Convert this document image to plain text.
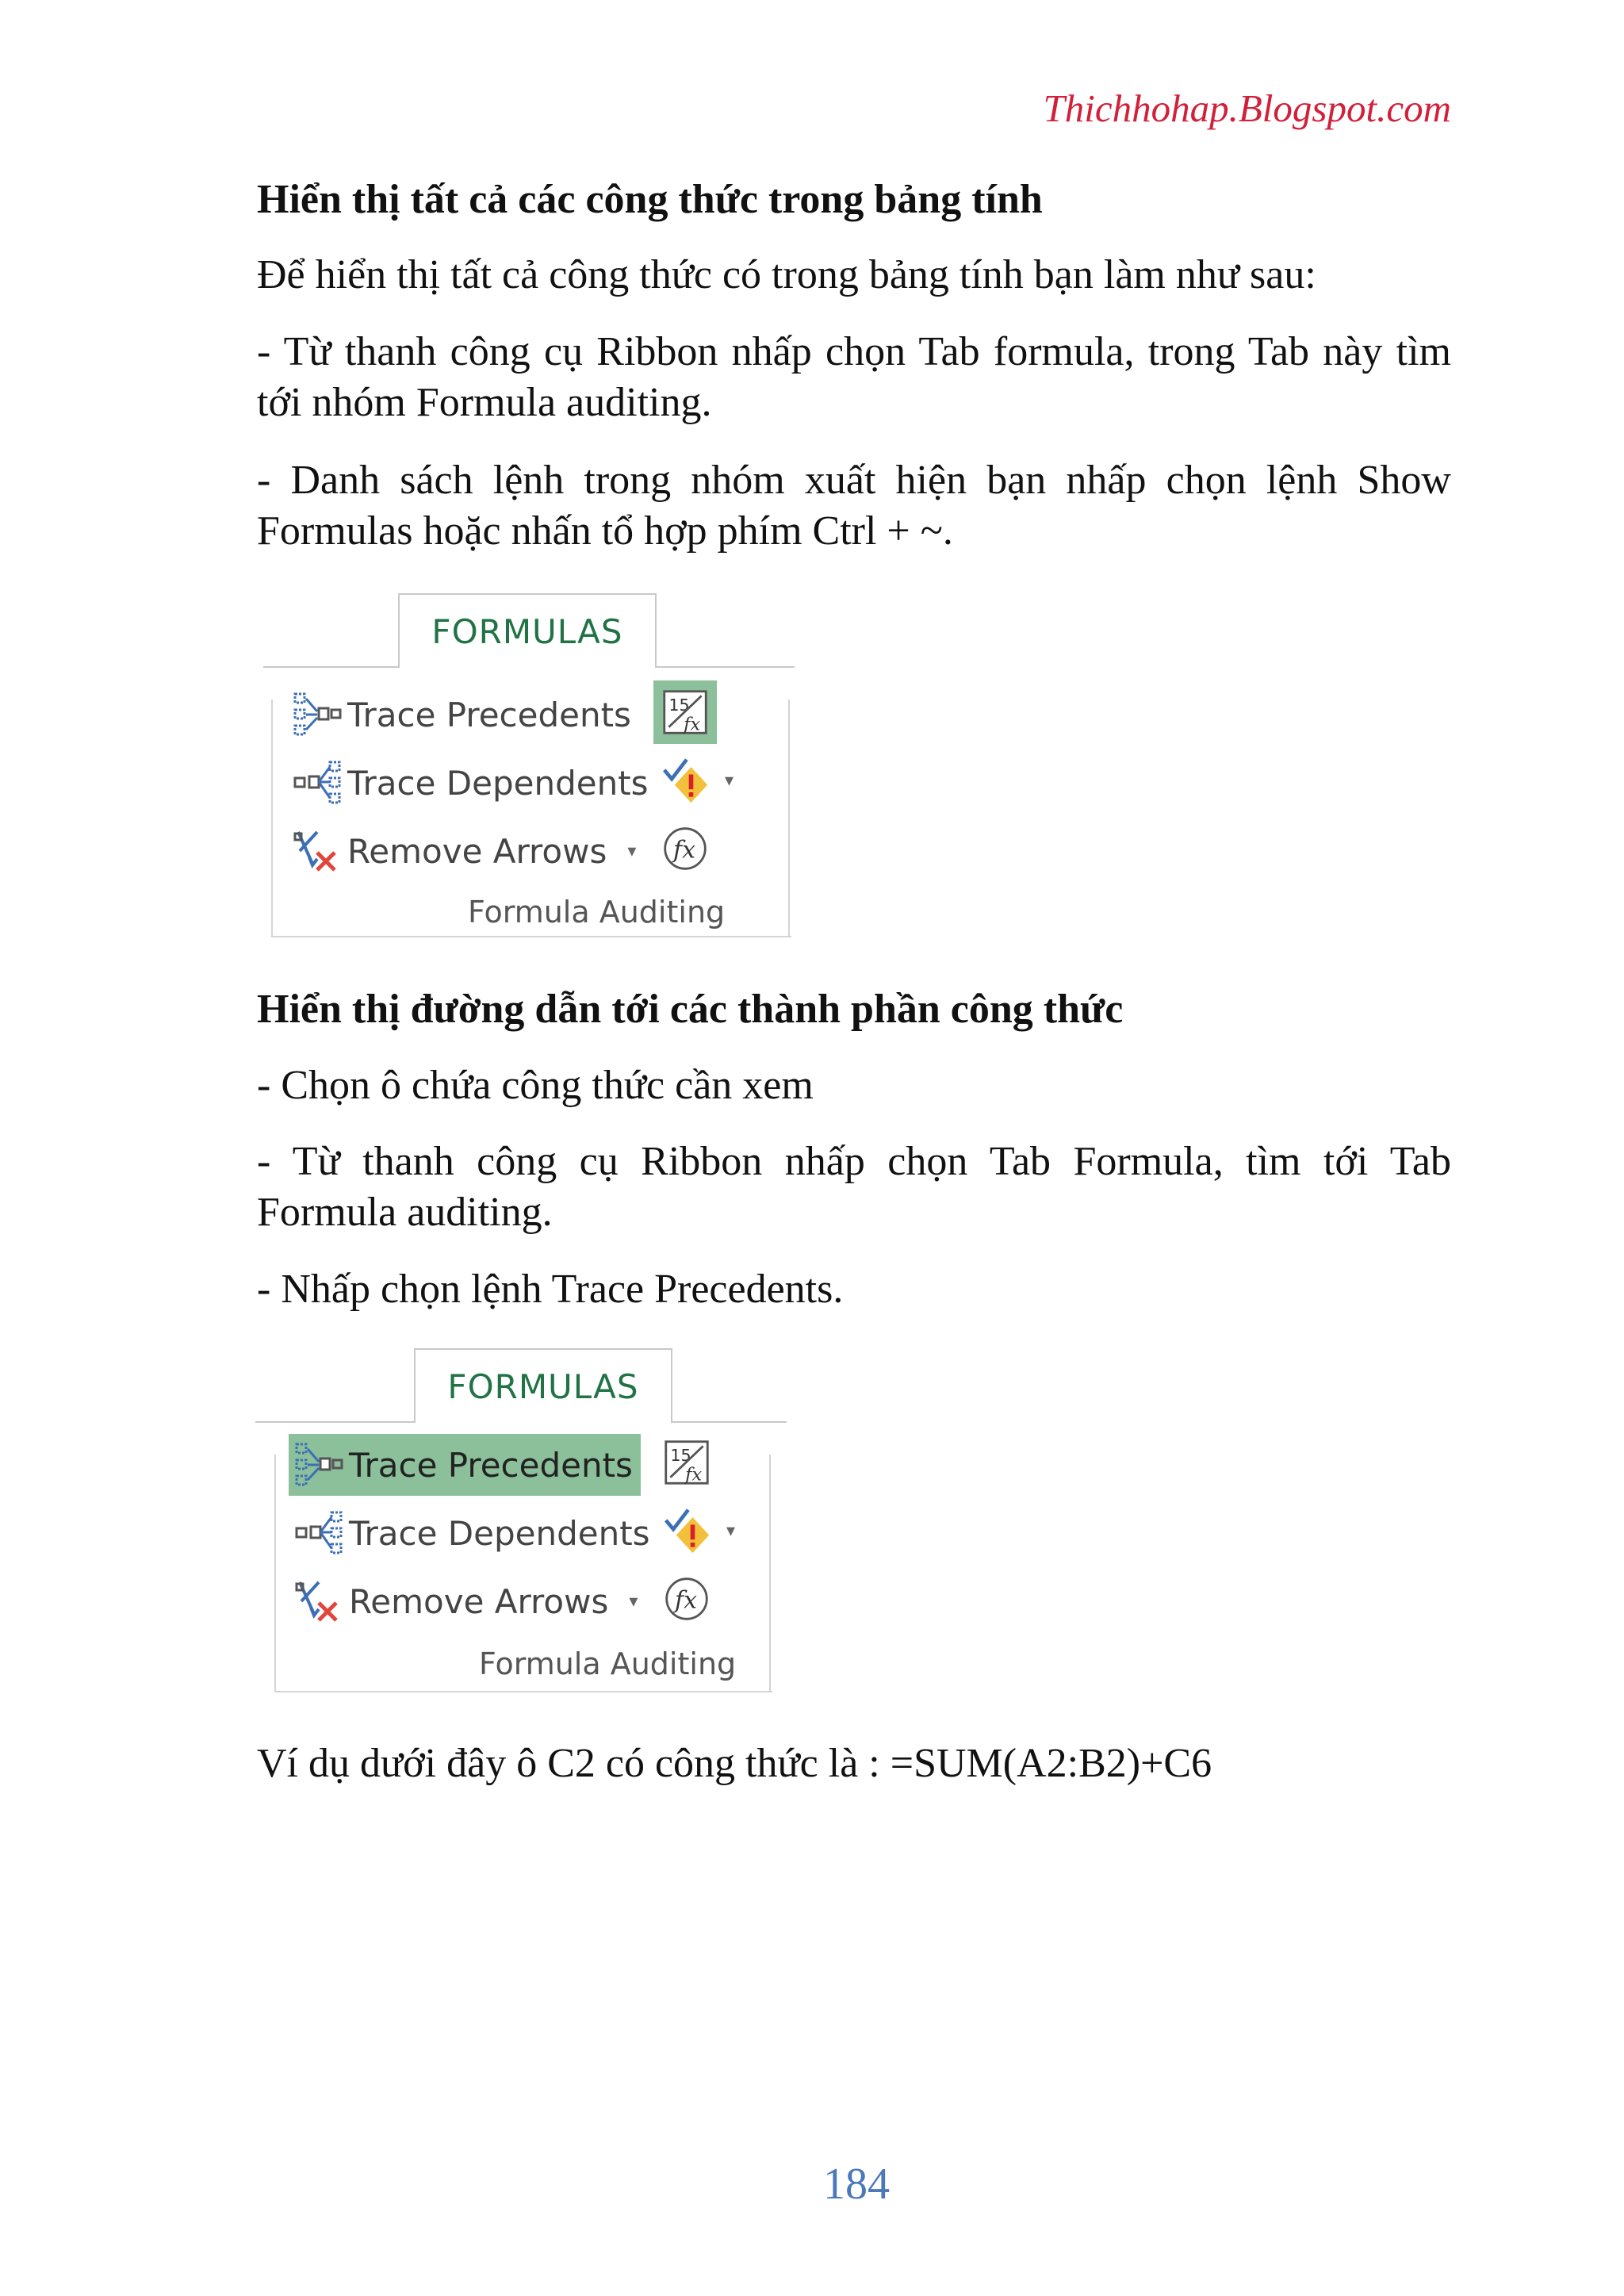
Thichhohap.Blogspot.com
Hiển thị tất cả các công thức trong bảng tính
Để hiển thị tất cả công thức có trong bảng tính bạn làm như sau:
- Từ thanh công cụ Ribbon nhấp chọn Tab formula, trong Tab này tìm tới nhóm Formula auditing.
- Danh sách lệnh trong nhóm xuất hiện bạn nhấp chọn lệnh Show Formulas hoặc nhấn tổ hợp phím Ctrl + ~.
FORMULAS
Trace Precedents
Trace Dependents
Remove Arrows ▾
▾
Formula Auditing
Hiển thị đường dẫn tới các thành phần công thức
- Chọn ô chứa công thức cần xem
- Từ thanh công cụ Ribbon nhấp chọn Tab Formula, tìm tới Tab Formula auditing.
- Nhấp chọn lệnh Trace Precedents.
FORMULAS
Trace Precedents
Trace Dependents
Remove Arrows ▾
▾
Formula Auditing
Ví dụ dưới đây ô C2 có công thức là : =SUM(A2:B2)+C6
184
